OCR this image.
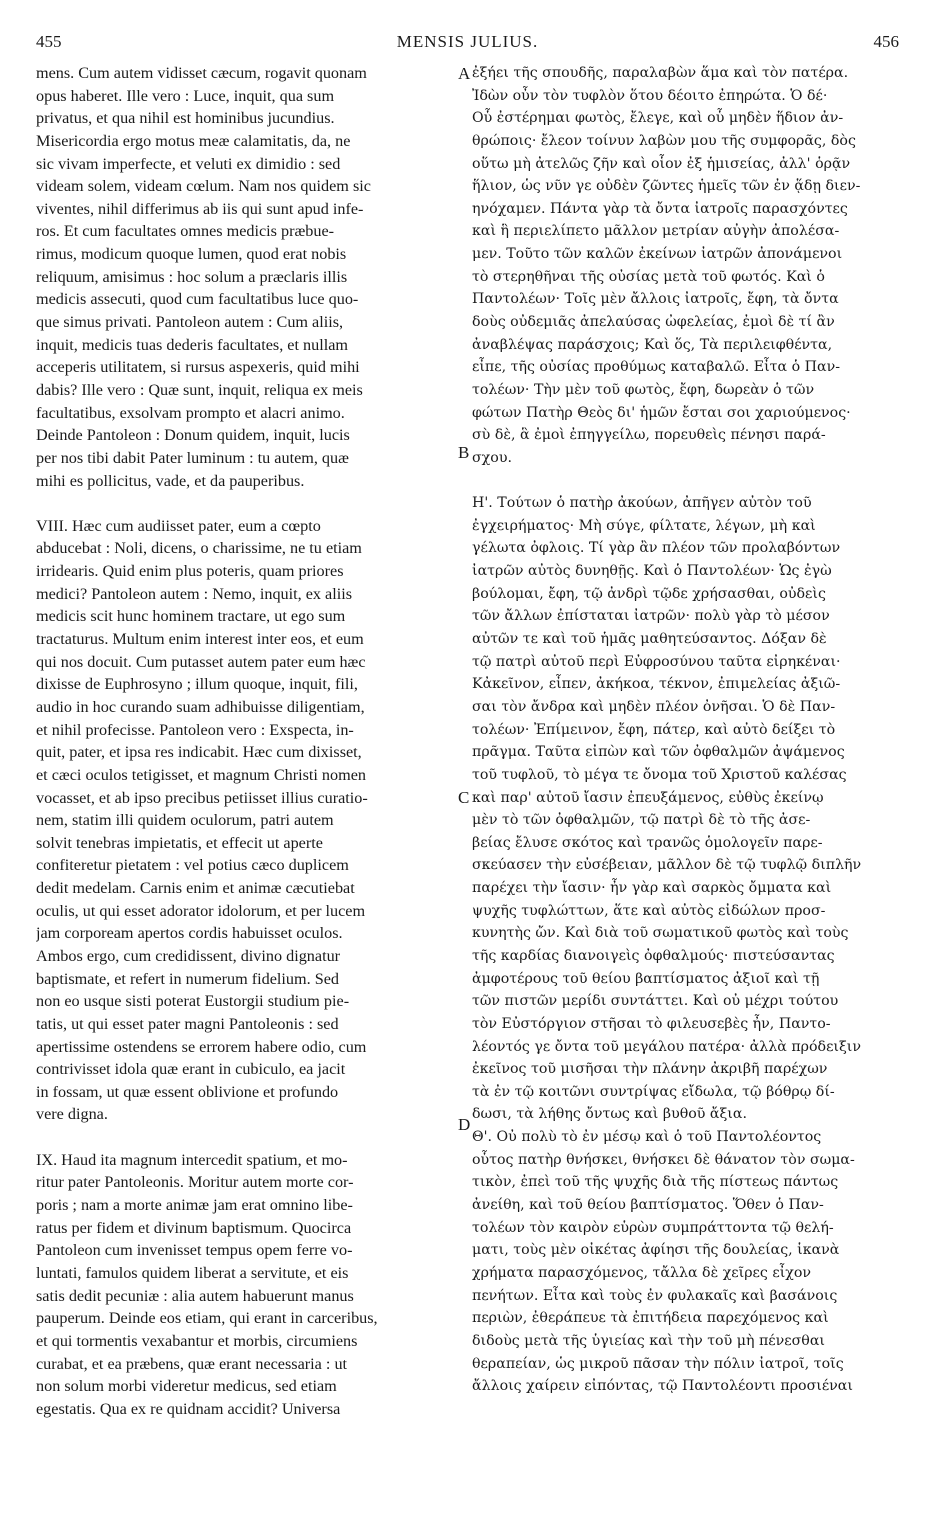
455	MENSIS JULIUS.	456
mens. Cum autem vidisset cæcum, rogavit quonam
opus haberet. Ille vero : Luce, inquit, qua sum
privatus, et qua nihil est hominibus jucundius.
Misericordia ergo motus meæ calamitatis, da, ne
sic vivam imperfecte, et veluti ex dimidio : sed
videam solem, videam cœlum. Nam nos quidem sic
viventes, nihil differimus ab iis qui sunt apud infe-
ros. Et cum facultates omnes medicis præbue-
rimus, modicum quoque lumen, quod erat nobis
reliquum, amisimus : hoc solum a præclaris illis
medicis assecuti, quod cum facultatibus luce quo-
que simus privati. Pantoleon autem : Cum aliis,
inquit, medicis tuas dederis facultates, et nullam
acceperis utilitatem, si rursus aspexeris, quid mihi
dabis? Ille vero : Quæ sunt, inquit, reliqua ex meis
facultatibus, exsolvam prompto et alacri animo.
Deinde Pantoleon : Donum quidem, inquit, lucis
per nos tibi dabit Pater luminum : tu autem, quæ
mihi es pollicitus, vade, et da pauperibus.
VIII. Hæc cum audiisset pater, eum a cœpto
abducebat : Noli, dicens, o charissime, ne tu etiam
irridearis. Quid enim plus poteris, quam priores
medici? Pantoleon autem : Nemo, inquit, ex aliis
medicis scit hunc hominem tractare, ut ego sum
tractaturus. Multum enim interest inter eos, et eum
qui nos docuit. Cum putasset autem pater eum hæc
dixisse de Euphrosyno ; illum quoque, inquit, fili,
audio in hoc curando suam adhibuisse diligentiam,
et nihil profecisse. Pantoleon vero : Exspecta, in-
quit, pater, et ipsa res indicabit. Hæc cum dixisset,
et cæci oculos tetigisset, et magnum Christi nomen
vocasset, et ab ipso precibus petiisset illius curatio-
nem, statim illi quidem oculorum, patri autem
solvit tenebras impietatis, et effecit ut aperte
confiteretur pietatem : vel potius cæco duplicem
dedit medelam. Carnis enim et animæ cæcutiebat
oculis, ut qui esset adorator idolorum, et per lucem
jam corpoream apertos cordis habuisset oculos.
Ambos ergo, cum credidissent, divino dignatur
baptismate, et refert in numerum fidelium. Sed
non eo usque sisti poterat Eustorgii studium pie-
tatis, ut qui esset pater magni Pantoleonis : sed
apertissime ostendens se errorem habere odio, cum
contrivisset idola quæ erant in cubiculo, ea jacit
in fossam, ut quæ essent oblivione et profundo
vere digna.
IX. Haud ita magnum intercedit spatium, et mo-
ritur pater Pantoleonis. Moritur autem morte cor-
poris ; nam a morte animæ jam erat omnino libe-
ratus per fidem et divinum baptismum. Quocirca
Pantoleon cum invenisset tempus opem ferre vo-
luntati, famulos quidem liberat a servitute, et eis
satis dedit pecuniæ : alia autem habuerunt manus
pauperum. Deinde eos etiam, qui erant in carceribus,
et qui tormentis vexabantur et morbis, circumiens
curabat, et ea præbens, quæ erant necessaria : ut
non solum morbi videretur medicus, sed etiam
egestatis. Qua ex re quidnam accidit? Universa
ἐξήει τῆς σπουδῆς, παραλαβὼν ἅμα καὶ τὸν πατέρα.
Ἰδὼν οὖν τὸν τυφλὸν ὅτου δέοιτο ἐπηρώτα. Ὁ δέ·
Οὗ ἐστέρημαι φωτὸς, ἔλεγε, καὶ οὗ μηδὲν ἥδιον ἀν-
θρώποις· ἔλεον τοίνυν λαβὼν μου τῆς συμφορᾶς, δὸς
οὕτω μὴ ἀτελῶς ζῆν καὶ οἷον ἐξ ἡμισείας, ἀλλ' ὁρᾷν
ἥλιον, ὡς νῦν γε οὐδὲν ζῶντες ἡμεῖς τῶν ἐν ᾅδῃ διεν-
ηνόχαμεν. Πάντα γὰρ τὰ ὄντα ἰατροῖς παρασχόντες
καὶ ἣ περιελίπετο μᾶλλον μετρίαν αὐγὴν ἀπολέσα-
μεν. Τοῦτο τῶν καλῶν ἐκείνων ἰατρῶν ἀπονάμενοι
τὸ στερηθῆναι τῆς οὐσίας μετὰ τοῦ φωτός. Καὶ ὁ
Παντολέων· Τοῖς μὲν ἄλλοις ἰατροῖς, ἔφη, τὰ ὄντα
δοὺς οὐδεμιᾶς ἀπελαύσας ὠφελείας, ἐμοὶ δὲ τί ἂν
ἀναβλέψας παράσχοις; Καὶ ὅς, Τὰ περιλειφθέντα,
εἶπε, τῆς οὐσίας προθύμως καταβαλῶ. Εἶτα ὁ Παν-
τολέων· Τὴν μὲν τοῦ φωτὸς, ἔφη, δωρεὰν ὁ τῶν
φώτων Πατὴρ Θεὸς δι' ἡμῶν ἔσται σοι χαριούμενος·
σὺ δὲ, ἃ ἐμοὶ ἐπηγγείλω, πορευθεὶς πένησι παρά-
σχου.
Η'. Τούτων ὁ πατὴρ ἀκούων, ἀπῆγεν αὐτὸν τοῦ
ἐγχειρήματος· Μὴ σύγε, φίλτατε, λέγων, μὴ καὶ
γέλωτα ὀφλοις. Τί γὰρ ἂν πλέον τῶν προλαβόντων
ἰατρῶν αὐτὸς δυνηθῇς. Καὶ ὁ Παντολέων· Ὡς ἐγὼ
βούλομαι, ἔφη, τῷ ἀνδρὶ τῷδε χρήσασθαι, οὐδεὶς
τῶν ἄλλων ἐπίσταται ἰατρῶν· πολὺ γὰρ τὸ μέσον
αὐτῶν τε καὶ τοῦ ἡμᾶς μαθητεύσαντος. Δόξαν δὲ
τῷ πατρὶ αὐτοῦ περὶ Εὐφροσύνου ταῦτα εἰρηκέναι·
Κἀκεῖνον, εἶπεν, ἀκήκοα, τέκνον, ἐπιμελείας ἀξιῶ-
σαι τὸν ἄνδρα καὶ μηδὲν πλέον ὀνῆσαι. Ὁ δὲ Παν-
τολέων· Ἐπίμεινον, ἔφη, πάτερ, καὶ αὐτὸ δείξει τὸ
πρᾶγμα. Ταῦτα εἰπὼν καὶ τῶν ὀφθαλμῶν ἀψάμενος
τοῦ τυφλοῦ, τὸ μέγα τε ὄνομα τοῦ Χριστοῦ καλέσας
καὶ παρ' αὐτοῦ ἴασιν ἐπευξάμενος, εὐθὺς ἐκείνῳ
μὲν τὸ τῶν ὀφθαλμῶν, τῷ πατρὶ δὲ τὸ τῆς ἀσε-
βείας ἔλυσε σκότος καὶ τρανῶς ὁμολογεῖν παρε-
σκεύασεν τὴν εὐσέβειαν, μᾶλλον δὲ τῷ τυφλῷ διπλῆν
παρέχει τὴν ἴασιν· ἦν γὰρ καὶ σαρκὸς ὄμματα καὶ
ψυχῆς τυφλώττων, ἅτε καὶ αὐτὸς εἰδώλων προσ-
κυνητὴς ὤν. Καὶ διὰ τοῦ σωματικοῦ φωτὸς καὶ τοὺς
τῆς καρδίας διανοιγεὶς ὀφθαλμούς· πιστεύσαντας
ἀμφοτέρους τοῦ θείου βαπτίσματος ἀξιοῖ καὶ τῇ
τῶν πιστῶν μερίδι συντάττει. Καὶ οὐ μέχρι τούτου
τὸν Εὐστόργιον στῆσαι τὸ φιλευσεβὲς ἦν, Παντο-
λέοντός γε ὄντα τοῦ μεγάλου πατέρα· ἀλλὰ πρόδειξιν
ἐκεῖνος τοῦ μισῆσαι τὴν πλάνην ἀκριβῆ παρέχων
τὰ ἐν τῷ κοιτῶνι συντρίψας εἴδωλα, τῷ βόθρῳ δί-
δωσι, τὰ λήθης ὄντως καὶ βυθοῦ ἄξια.
Θ'. Οὐ πολὺ τὸ ἐν μέσῳ καὶ ὁ τοῦ Παντολέοντος
οὗτος πατὴρ θνήσκει, θνήσκει δὲ θάνατον τὸν σωμα-
τικὸν, ἐπεὶ τοῦ τῆς ψυχῆς διὰ τῆς πίστεως πάντως
ἀνείθη, καὶ τοῦ θείου βαπτίσματος. Ὅθεν ὁ Παν-
τολέων τὸν καιρὸν εὑρὼν συμπράττοντα τῷ θελή-
ματι, τοὺς μὲν οἰκέτας ἀφίησι τῆς δουλείας, ἱκανὰ
χρήματα παρασχόμενος, τἄλλα δὲ χεῖρες εἶχον
πενήτων. Εἶτα καὶ τοὺς ἐν φυλακαῖς καὶ βασάνοις
περιὼν, ἐθεράπευε τὰ ἐπιτήδεια παρεχόμενος καὶ
διδοὺς μετὰ τῆς ὑγιείας καὶ τὴν τοῦ μὴ πένεσθαι
θεραπείαν, ὡς μικροῦ πᾶσαν τὴν πόλιν ἰατροῖ, τοῖς
ἄλλοις χαίρειν εἰπόντας, τῷ Παντολέοντι προσιέναι
A
B
C
D
